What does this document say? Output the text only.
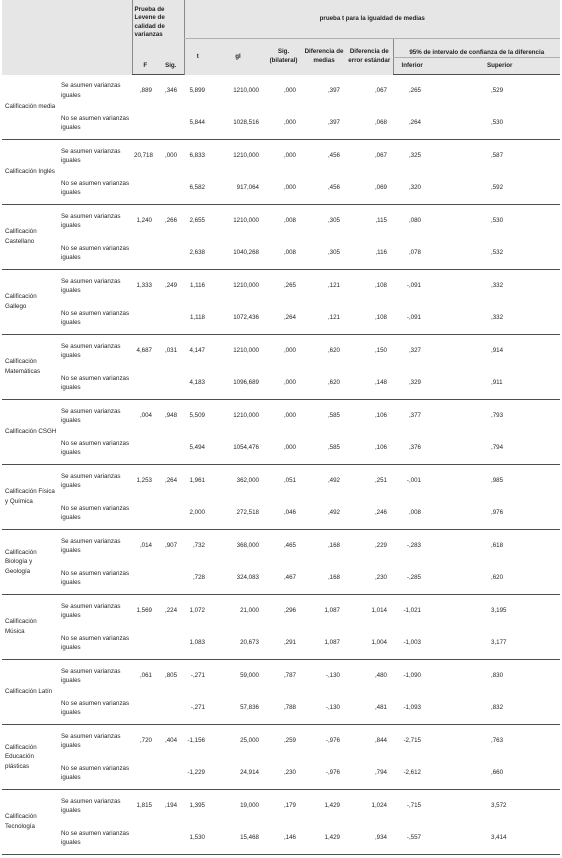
		Prueba de Levene de calidad de varianzas		prueba t para la igualdad de medias						
				t	gl	Sig. (bilateral)	Diferencia de medias	Diferencia de error estándar	95% de intervalo de confianza de la diferencia	
		F	Sig.						Inferior	Superior
Calificación media	Se asumen varianzas iguales	,889	,346	5,899	1210,000	,000	,397	,067	,265	,529
	No se asumen varianzas iguales			5,844	1028,516	,000	,397	,068	,264	,530
Calificación Inglés	Se asumen varianzas iguales	20,718	,000	6,833	1210,000	,000	,456	,067	,325	,587
	No se asumen varianzas iguales			6,582	917,064	,000	,456	,069	,320	,592
Calificación Castellano	Se asumen varianzas iguales	1,240	,266	2,655	1210,000	,008	,305	,115	,080	,530
	No se asumen varianzas iguales			2,638	1040,268	,008	,305	,116	,078	,532
Calificación Gallego	Se asumen varianzas iguales	1,333	,249	1,116	1210,000	,265	,121	,108	-,091	,332
	No se asumen varianzas iguales			1,118	1072,436	,264	,121	,108	-,091	,332
Calificación Matemáticas	Se asumen varianzas iguales	4,687	,031	4,147	1210,000	,000	,620	,150	,327	,914
	No se asumen varianzas iguales			4,183	1096,689	,000	,620	,148	,329	,911
Calificación CSGH	Se asumen varianzas iguales	,004	,948	5,509	1210,000	,000	,585	,106	,377	,793
	No se asumen varianzas iguales			5,494	1054,476	,000	,585	,106	,376	,794
Calificación Física y Química	Se asumen varianzas iguales	1,253	,264	1,961	362,000	,051	,492	,251	-,001	,985
	No se asumen varianzas iguales			2,000	272,518	,046	,492	,246	,008	,976
Calificación Biología y Geología	Se asumen varianzas iguales	,014	,907	,732	368,000	,465	,168	,229	-,283	,618
	No se asumen varianzas iguales			,728	324,083	,467	,168	,230	-,285	,620
Calificación Música	Se asumen varianzas iguales	1,569	,224	1,072	21,000	,296	1,087	1,014	-1,021	3,195
	No se asumen varianzas iguales			1,083	20,673	,291	1,087	1,004	-1,003	3,177
Calificación Latín	Se asumen varianzas iguales	,061	,805	-,271	59,000	,787	-,130	,480	-1,090	,830
	No se asumen varianzas iguales			-,271	57,836	,788	-,130	,481	-1,093	,832
Calificación Educación plásticas	Se asumen varianzas iguales	,720	,404	-1,156	25,000	,259	-,976	,844	-2,715	,763
	No se asumen varianzas iguales			-1,229	24,914	,230	-,976	,794	-2,612	,660
Calificación Tecnología	Se asumen varianzas iguales	1,815	,194	1,395	19,000	,179	1,429	1,024	-,715	3,572
	No se asumen varianzas iguales			1,530	15,468	,146	1,429	,934	-,557	3,414
